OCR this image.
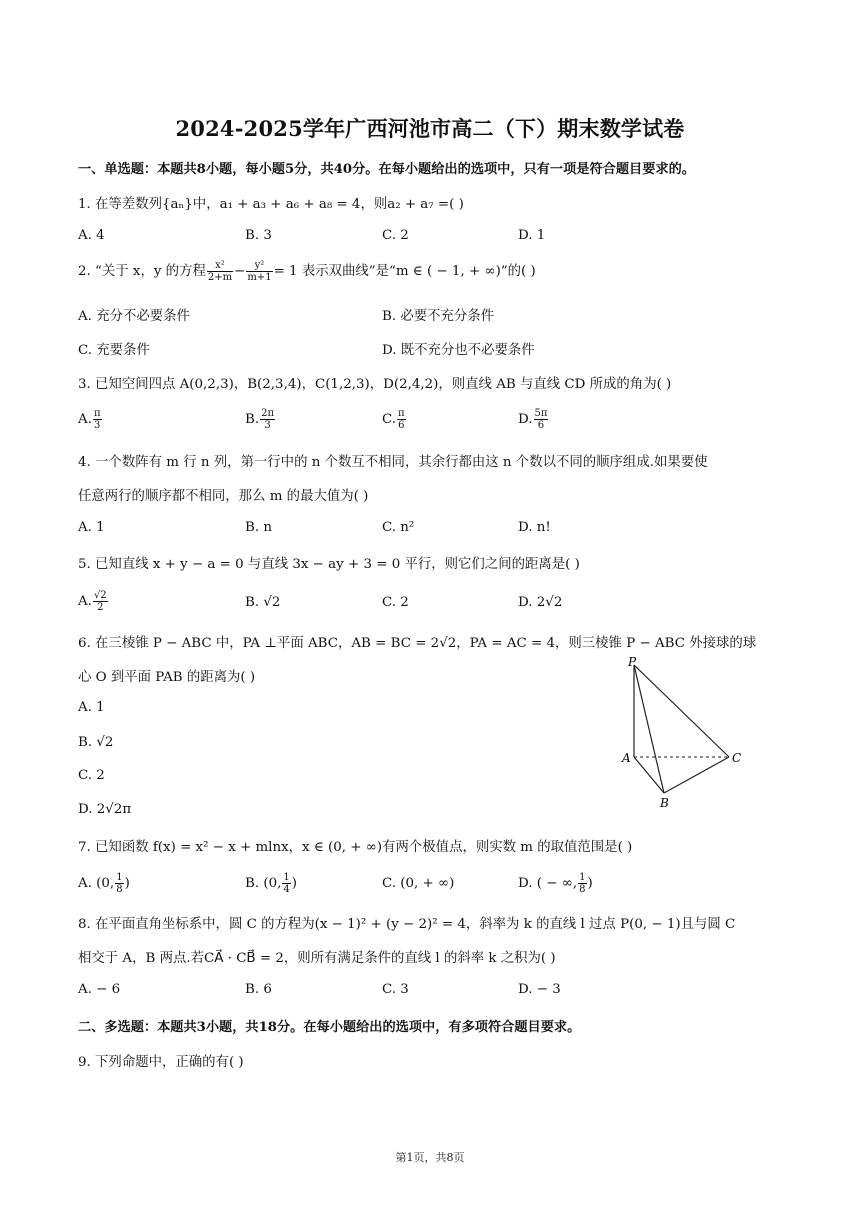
2024-2025学年广西河池市高二（下）期末数学试卷
一、单选题：本题共8小题，每小题5分，共40分。在每小题给出的选项中，只有一项是符合题目要求的。
1. 在等差数列{aₙ}中，a₁ + a₃ + a₆ + a₈ = 4，则a₂ + a₇ =( )
A. 4	B. 3	C. 2	D. 1
2. “关于 x，y 的方程 $\frac{\text{x²}}{2+m} - \frac{\text{y²}}{m+1} = 1$ 表示双曲线”是“m ∈ ( − 1, + ∞)”的( )
A. 充分不必要条件	B. 必要不充分条件
C. 充要条件	D. 既不充分也不必要条件
3. 已知空间四点 A(0,2,3)，B(2,3,4)，C(1,2,3)，D(2,4,2)，则直线 AB 与直线 CD 所成的角为( )
A. $\frac{\pi}{3}$	B. $\frac{2\pi}{3}$	C. $\frac{\pi}{6}$	D. $\frac{5\pi}{6}$
4. 一个数阵有 m 行 n 列，第一行中的 n 个数互不相同，其余行都由这 n 个数以不同的顺序组成.如果要使
任意两行的顺序都不相同，那么 m 的最大值为( )
A. 1	B. n	C. n²	D. n!
5. 已知直线 x + y − a = 0 与直线 3x − ay + 3 = 0 平行，则它们之间的距离是( )
A. $\frac{√2}{2}$	B. √2	C. 2	D. 2√2
6. 在三棱锥 P − ABC 中，PA ⊥平面 ABC，AB = BC = 2√2，PA = AC = 4，则三棱锥 P − ABC 外接球的球
心 O 到平面 PAB 的距离为( )
A. 1
B. √2
C. 2
D. 2√2π
P
A
B
C
7. 已知函数 f(x) = x² − x + mlnx，x ∈ (0, + ∞)有两个极值点，则实数 m 的取值范围是( )
A. (0, $\frac{1}{8}$ )	B. (0, $\frac{1}{4}$ )	C. (0, + ∞)	D. ( − ∞, $\frac{1}{8}$ )
8. 在平面直角坐标系中，圆 C 的方程为(x − 1)² + (y − 2)² = 4，斜率为 k 的直线 l 过点 P(0, − 1)且与圆 C
相交于 A，B 两点.若CA⃗ · CB⃗ = 2，则所有满足条件的直线 l 的斜率 k 之积为( )
A. − 6	B. 6	C. 3	D. − 3
二、多选题：本题共3小题，共18分。在每小题给出的选项中，有多项符合题目要求。
9. 下列命题中，正确的有( )
第1页，共8页
